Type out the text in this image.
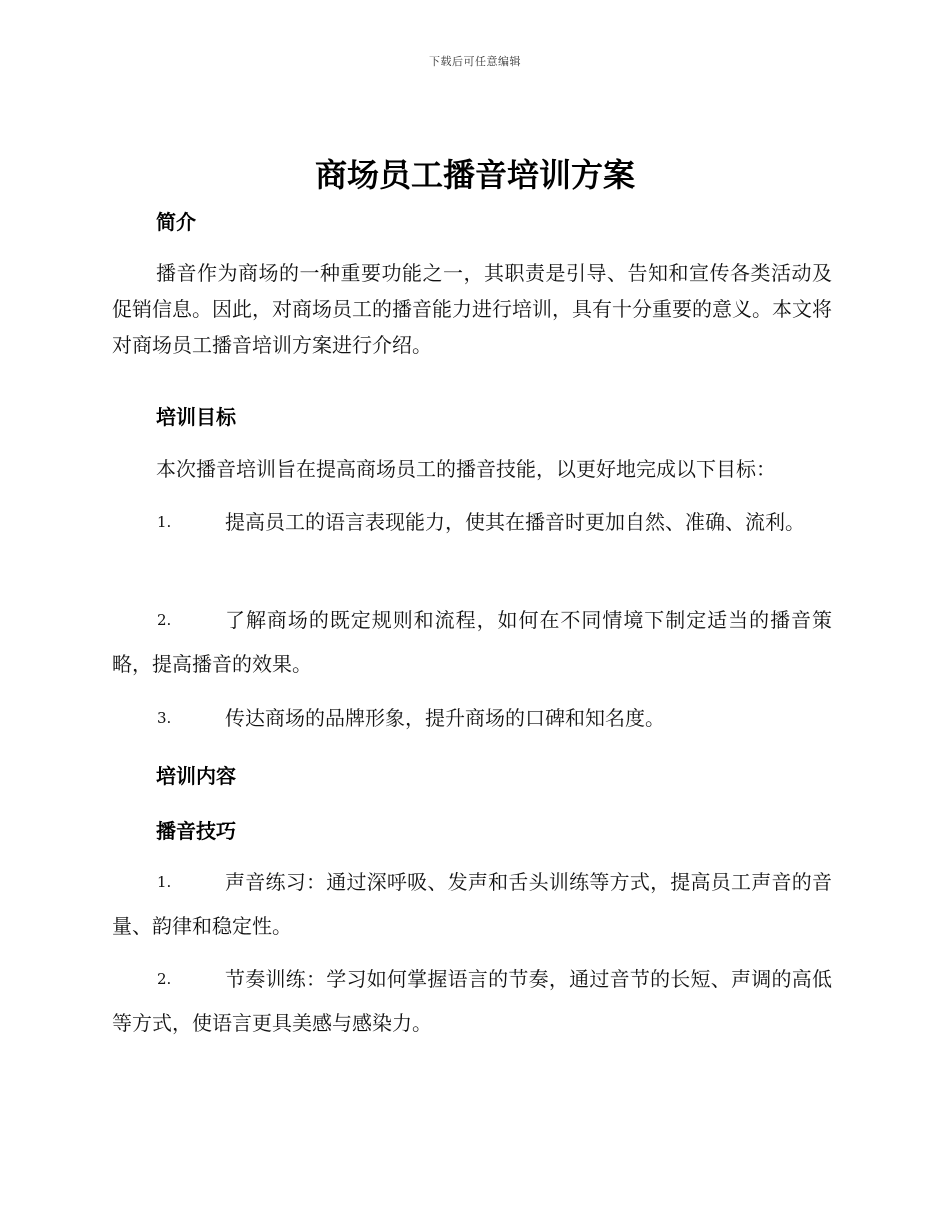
下载后可任意编辑
商场员工播音培训方案
简介
播音作为商场的一种重要功能之一，其职责是引导、告知和宣传各类活动及促销信息。因此，对商场员工的播音能力进行培训，具有十分重要的意义。本文将对商场员工播音培训方案进行介绍。
培训目标
本次播音培训旨在提高商场员工的播音技能，以更好地完成以下目标：
1.	提高员工的语言表现能力，使其在播音时更加自然、准确、流利。
2.	了解商场的既定规则和流程，如何在不同情境下制定适当的播音策略，提高播音的效果。
3.	传达商场的品牌形象，提升商场的口碑和知名度。
培训内容
播音技巧
1.	声音练习：通过深呼吸、发声和舌头训练等方式，提高员工声音的音量、韵律和稳定性。
2.	节奏训练：学习如何掌握语言的节奏，通过音节的长短、声调的高低等方式，使语言更具美感与感染力。
